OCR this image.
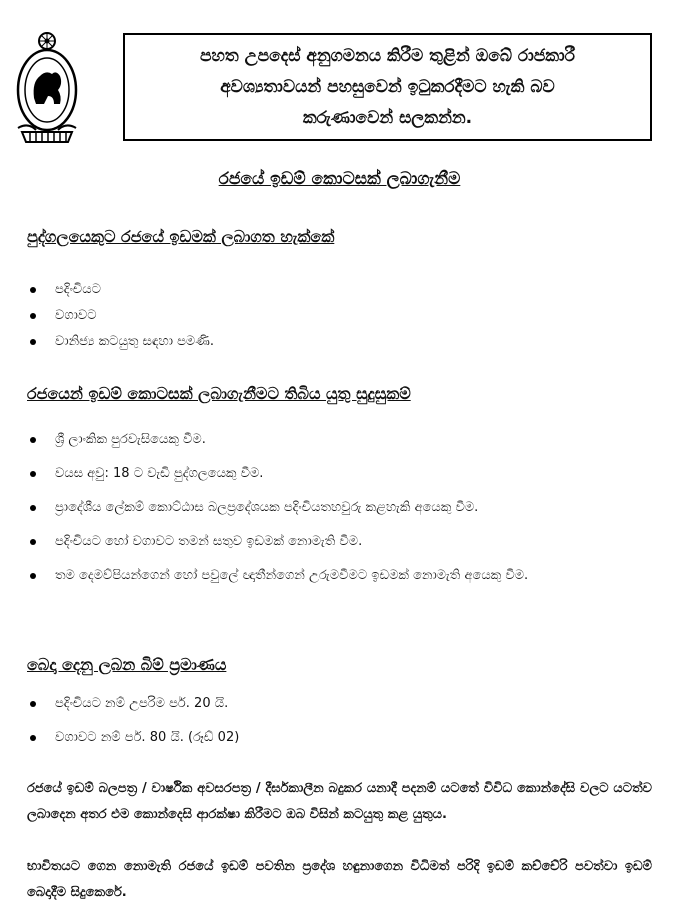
පහත උපදෙස් අනුගමනය කිරීම තුළින් ඔබේ රාජකාරී
අවශ්‍යතාවයන් පහසුවෙන් ඉටුකරදීමට හැකි බව
කරුණාවෙන් සලකන්න.
රජයේ ඉඩම් කොටසක් ලබාගැනීම
පුද්ගලයෙකුට රජයේ ඉඩමක් ලබාගත හැක්කේ
පදිංචියට
වගාවට
වානිජ්‍ය කටයුතු සඳහා පමණි.
රජයෙන් ඉඩම් කොටසක් ලබාගැනීමට තිබිය යුතු සුදුසුකම්
ශ්‍රී ලාංකික පුරවැසියෙකු වීම.
වයස අවු: 18 ට වැඩි පුද්ගලයෙකු වීම.
ප්‍රාදේශීය ලේකම් කොට්ඨාස බලප්‍රදේශයක පදිංචියතහවුරු කළහැකි අයෙකු වීම.
පදිංචියට හෝ වගාවට තමන් සතුව ඉඩමක් නොමැති වීම.
තම දෙමව්පියන්ගෙන් හෝ පවුලේ ඥාතීන්ගෙන් උරුමවීමට ඉඩමක් නොමැති අයෙකු වීම.
බෙදා දෙනු ලබන බිම් ප්‍රමාණය
පදිංචියට නම් උපරිම පර්. 20 යි.
වගාවට නම් පර්. 80 යි. (රූඩ් 02)
රජයේ ඉඩම් බලපත්‍ර / වාර්ෂික අවසරපත්‍ර / දීර්ඝකාලීන බදුකර යනාදී පදනම් යටතේ විවිධ කොන්දේසි වලට යටත්ව ලබාදෙන අතර එම කොන්දෙසි ආරක්ෂා කිරීමට ඔබ විසින් කටයුතු කළ යුතුය.
භාවිතයට ගෙන නොමැති රජයේ ඉඩම් පවතින ප්‍රදේශ හඳුනාගෙන විධිමත් පරිදි ඉඩම් කච්චේරි පවත්වා ඉඩම් බෙදාදීම සිදුකෙරේ.
